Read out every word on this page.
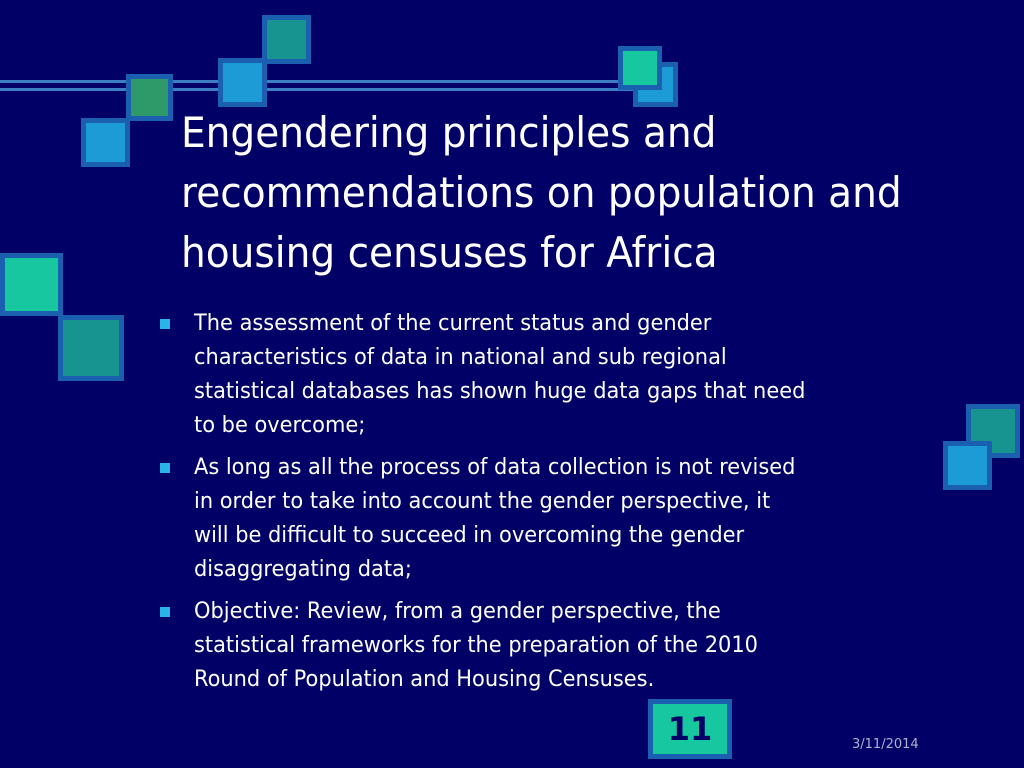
Engendering principles and
recommendations on population and
housing censuses for Africa
The assessment of the current status and gender
characteristics of data in national and sub regional
statistical databases has shown huge data gaps that need
to be overcome;
As long as all the process of data collection is not revised
in order to take into account the gender perspective, it
will be difficult to succeed in overcoming the gender
disaggregating data;
Objective: Review, from a gender perspective, the
statistical frameworks for the preparation of the 2010
Round of Population and Housing Censuses.
11	3/11/2014
